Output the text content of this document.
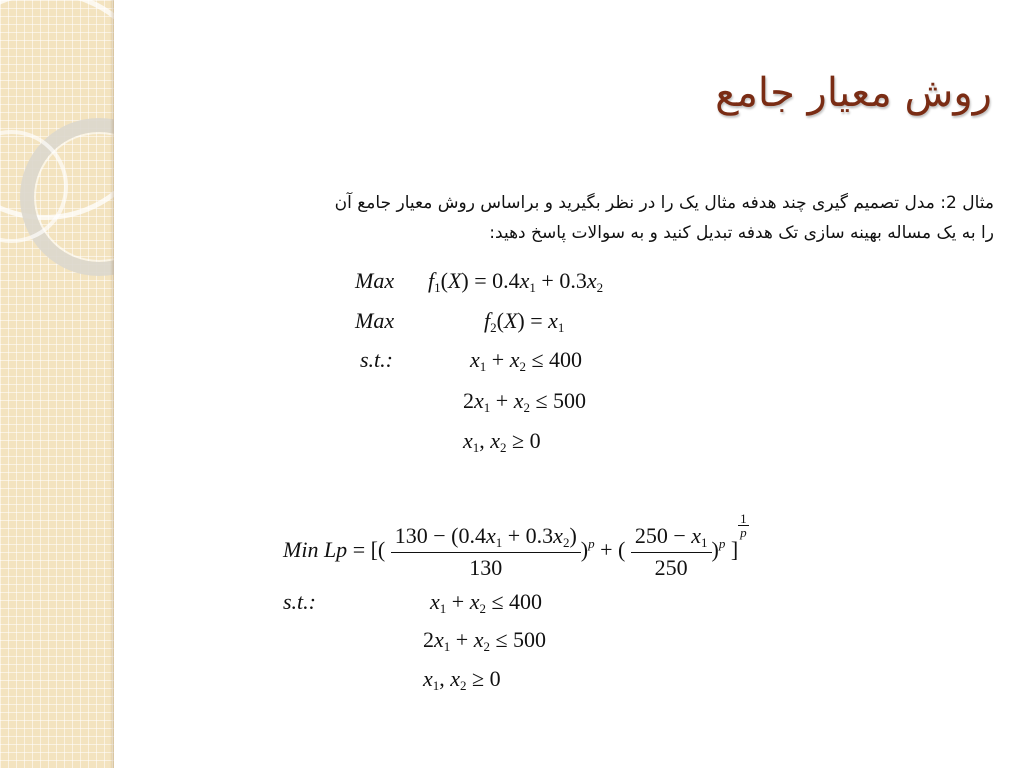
روش معیار جامع
مثال 2: مدل تصمیم گیری چند هدفه مثال یک را در نظر بگیرید و براساس روش معیار جامع آن
را به یک مساله بهینه سازی تک هدفه تبدیل کنید و به سوالات پاسخ دهید:
Max $f_1(X) = 0.4x_1 + 0.3x_2$
Max	$f_2(X) = x_1$
s.t.:	$x_1 + x_2 \le 400$
$2x_1 + x_2 \le 500$
$x_1$, $x_2 \ge 0$
Min Lp = [( $\frac{130 - (0.4x_1 + 0.3x_2)}{130} )^p$ + ( $\frac{250 - x_1}{250} )^p$ ]
$\frac{1}{p}$
s.t.:	$x_1 + x_2 \le 400$
$2x_1 + x_2 \le 500$
$x_1$, $x_2 \ge 0$
